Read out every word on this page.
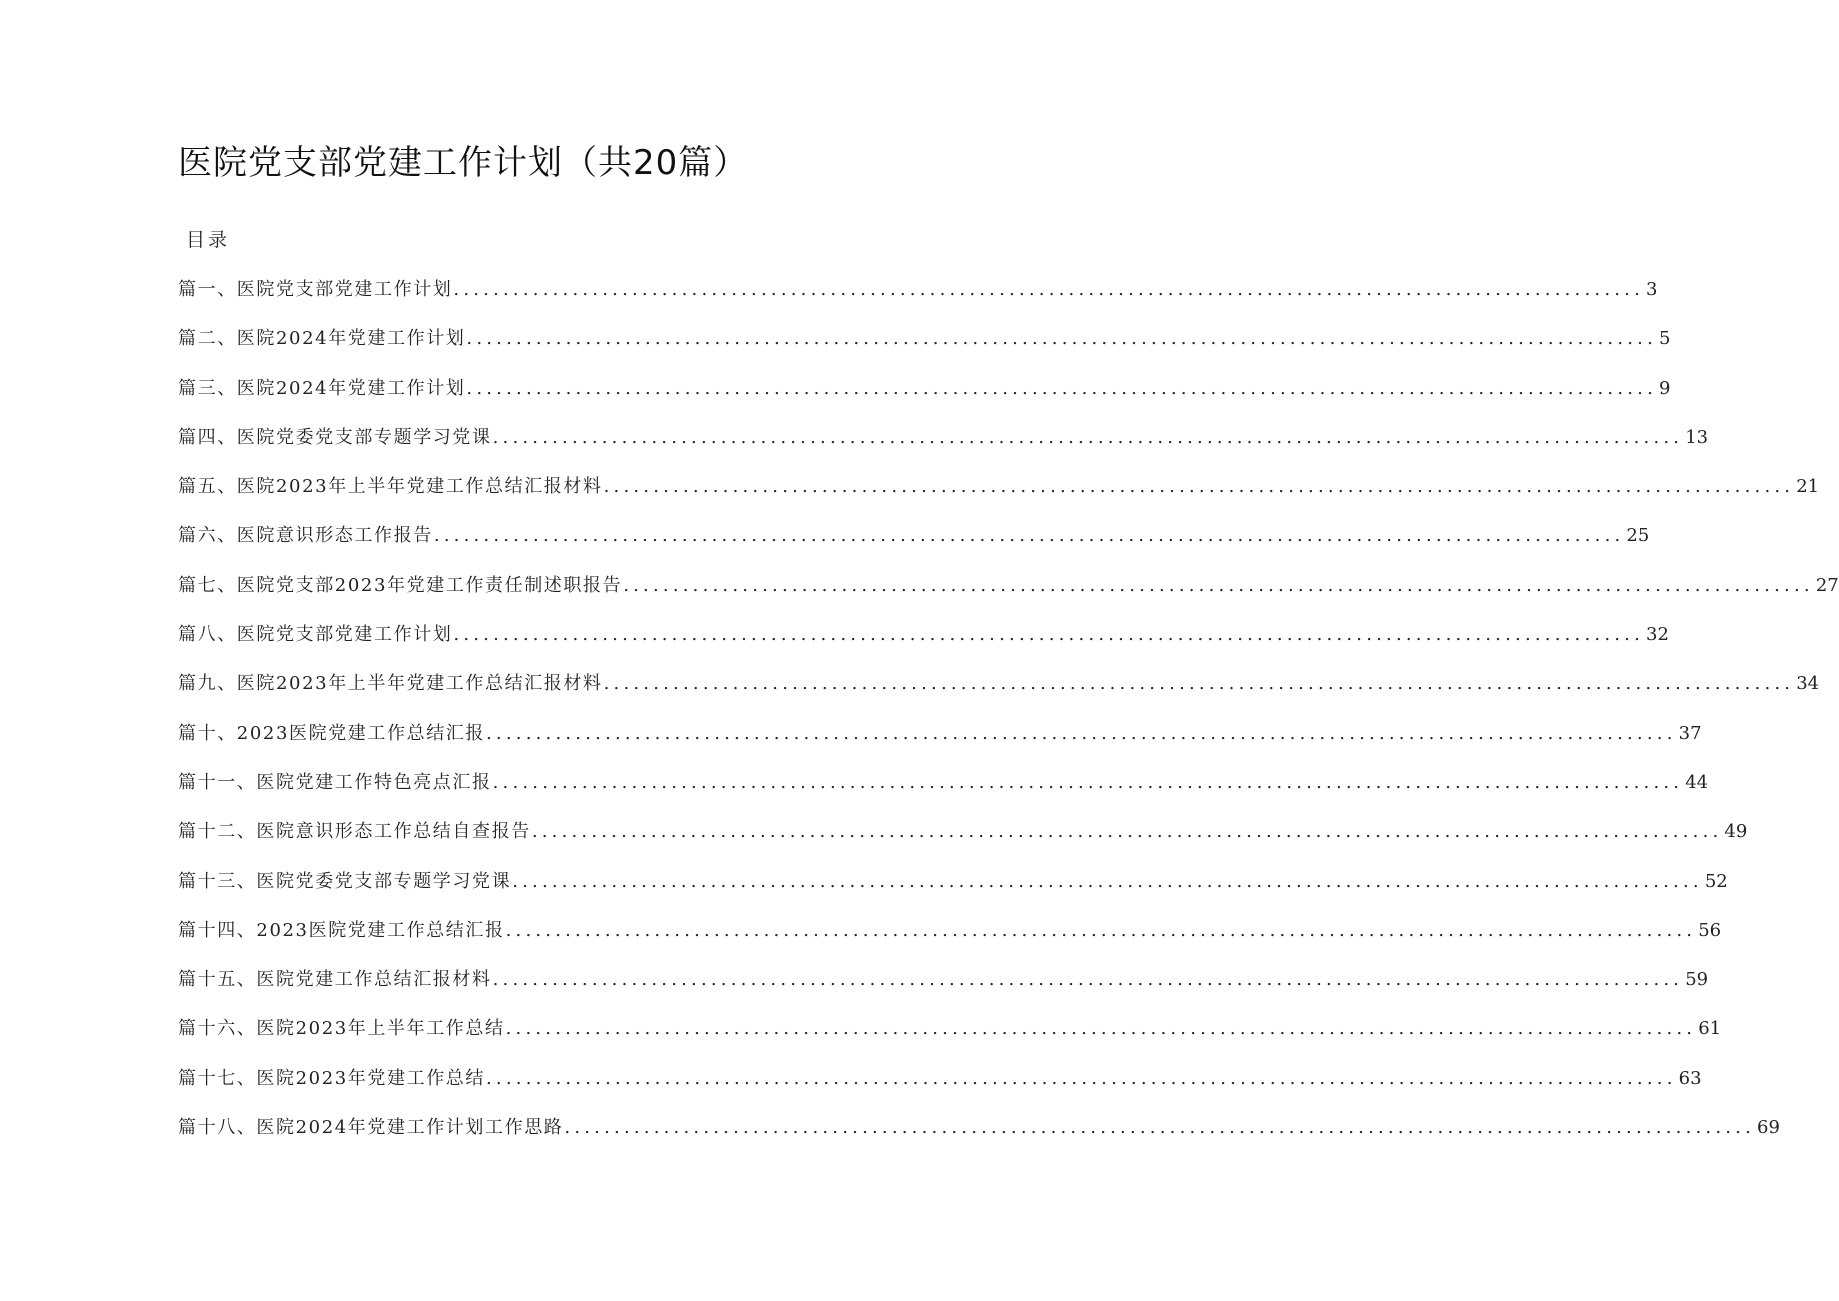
医院党支部党建工作计划（共20篇）
目录
篇一、医院党支部党建工作计划 ........................................................................................................................ 3
篇二、医院2024年党建工作计划 ........................................................................................................................ 5
篇三、医院2024年党建工作计划 ........................................................................................................................ 9
篇四、医院党委党支部专题学习党课 ........................................................................................................................ 13
篇五、医院2023年上半年党建工作总结汇报材料 ........................................................................................................................ 21
篇六、医院意识形态工作报告 ........................................................................................................................ 25
篇七、医院党支部2023年党建工作责任制述职报告 ........................................................................................................................ 27
篇八、医院党支部党建工作计划 ........................................................................................................................ 32
篇九、医院2023年上半年党建工作总结汇报材料 ........................................................................................................................ 34
篇十、2023医院党建工作总结汇报 ........................................................................................................................ 37
篇十一、医院党建工作特色亮点汇报 ........................................................................................................................ 44
篇十二、医院意识形态工作总结自查报告 ........................................................................................................................ 49
篇十三、医院党委党支部专题学习党课 ........................................................................................................................ 52
篇十四、2023医院党建工作总结汇报 ........................................................................................................................ 56
篇十五、医院党建工作总结汇报材料 ........................................................................................................................ 59
篇十六、医院2023年上半年工作总结 ........................................................................................................................ 61
篇十七、医院2023年党建工作总结 ........................................................................................................................ 63
篇十八、医院2024年党建工作计划工作思路 ........................................................................................................................ 69
